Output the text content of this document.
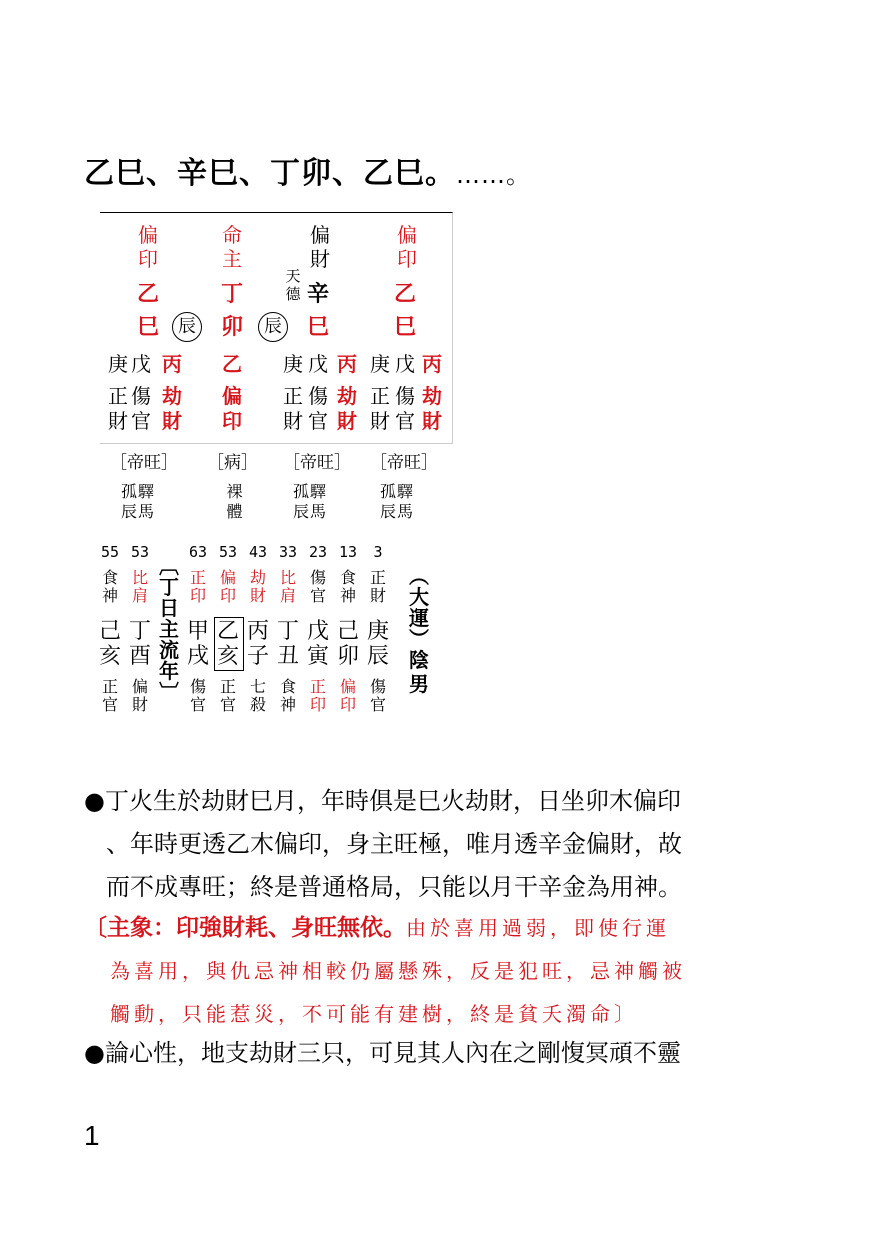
乙巳、辛巳、丁卯、乙巳。……。
偏
印
乙
巳	辰
命
主
丁
卯	辰
天
德
偏
財
辛
巳
偏
印
乙
巳
庚 戊 丙 乙 庚 戊 丙 庚 戊 丙
正 傷 劫 偏 正 傷 劫 正 傷 劫
財 官 財 印 財 官 財 財 官 財
［帝旺］ ［病］ ［帝旺］ ［帝旺］
孤驛
辰馬
裸
體
孤驛
辰馬
孤驛
辰馬
55
食
神
己
亥
正
官
53
比
肩
丁
酉
偏
財
63
正
印
甲
戌
傷
官
53
偏
印
乙
亥
正
官
43
劫
財
丙
子
七
殺
33
比
肩
丁
丑
食
神
23
傷
官
戊
寅
正
印
13
食
神
己
卯
偏
印
3
正
財
庚
辰
傷
官
︹
丁
日
主
流
年
︺
︵
大
運
︶
陰
男
●丁火生於劫財巳月，年時俱是巳火劫財，日坐卯木偏印
、年時更透乙木偏印，身主旺極，唯月透辛金偏財，故
而不成專旺；終是普通格局，只能以月干辛金為用神。
〔主象：印強財耗、身旺無依。由於喜用過弱，即使行運
為喜用，與仇忌神相較仍屬懸殊，反是犯旺，忌神觸被
觸動，只能惹災，不可能有建樹，終是貧夭濁命〕
●論心性，地支劫財三只，可見其人內在之剛愎冥頑不靈
1
